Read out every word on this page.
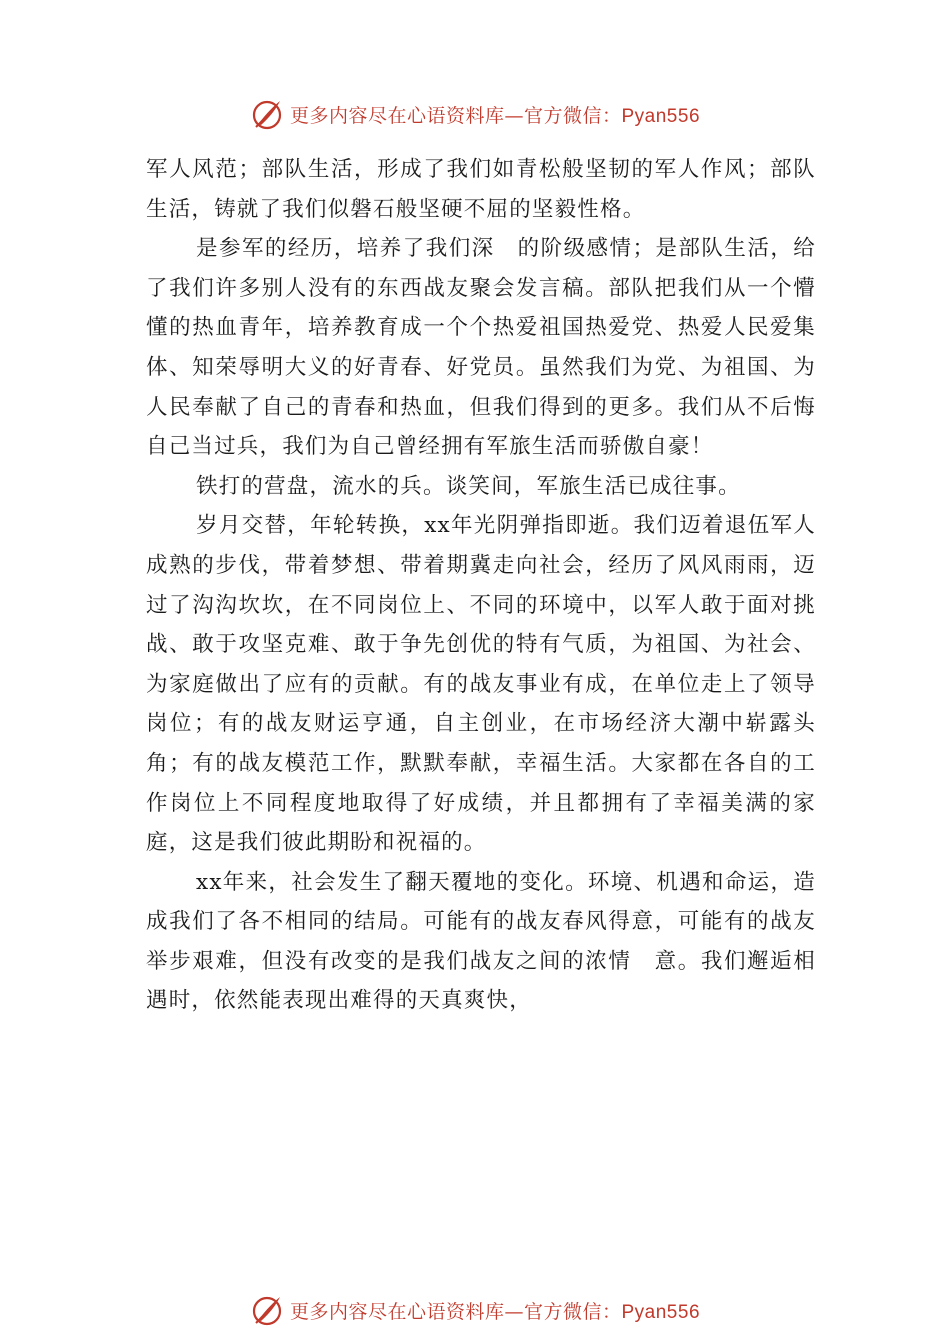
更多内容尽在心语资料库—官方微信：Pyan556

军人风范；部队生活，形成了我们如青松般坚韧的军人作风；部队生活，铸就了我们似磐石般坚硬不屈的坚毅性格。

是参军的经历，培养了我们深　的阶级感情；是部队生活，给了我们许多别人没有的东西战友聚会发言稿。部队把我们从一个懵懂的热血青年，培养教育成一个个热爱祖国热爱党、热爱人民爱集体、知荣辱明大义的好青春、好党员。虽然我们为党、为祖国、为人民奉献了自己的青春和热血，但我们得到的更多。我们从不后悔自己当过兵，我们为自己曾经拥有军旅生活而骄傲自豪！

铁打的营盘，流水的兵。谈笑间，军旅生活已成往事。

岁月交替，年轮转换，xx年光阴弹指即逝。我们迈着退伍军人成熟的步伐，带着梦想、带着期冀走向社会，经历了风风雨雨，迈过了沟沟坎坎，在不同岗位上、不同的环境中，以军人敢于面对挑战、敢于攻坚克难、敢于争先创优的特有气质，为祖国、为社会、为家庭做出了应有的贡献。有的战友事业有成，在单位走上了领导岗位；有的战友财运亨通，自主创业，在市场经济大潮中崭露头角；有的战友模范工作，默默奉献，幸福生活。大家都在各自的工作岗位上不同程度地取得了好成绩，并且都拥有了幸福美满的家庭，这是我们彼此期盼和祝福的。

xx年来，社会发生了翻天覆地的变化。环境、机遇和命运，造成我们了各不相同的结局。可能有的战友春风得意，可能有的战友举步艰难，但没有改变的是我们战友之间的浓情　意。我们邂逅相遇时，依然能表现出难得的天真爽快，

更多内容尽在心语资料库—官方微信：Pyan556
